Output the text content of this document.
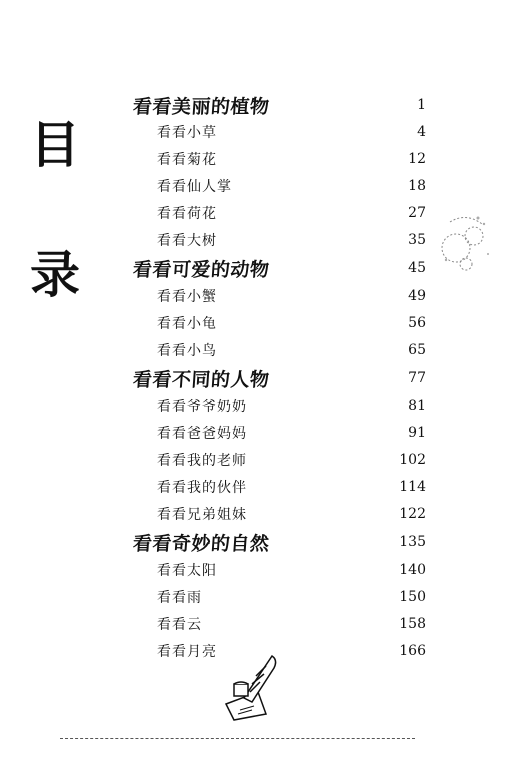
目
录
看看美丽的植物	1
看看小草	4
看看菊花	12
看看仙人掌	18
看看荷花	27
看看大树	35
看看可爱的动物	45
看看小蟹	49
看看小龟	56
看看小鸟	65
看看不同的人物	77
看看爷爷奶奶	81
看看爸爸妈妈	91
看看我的老师	102
看看我的伙伴	114
看看兄弟姐妹	122
看看奇妙的自然	135
看看太阳	140
看看雨	150
看看云	158
看看月亮	166
